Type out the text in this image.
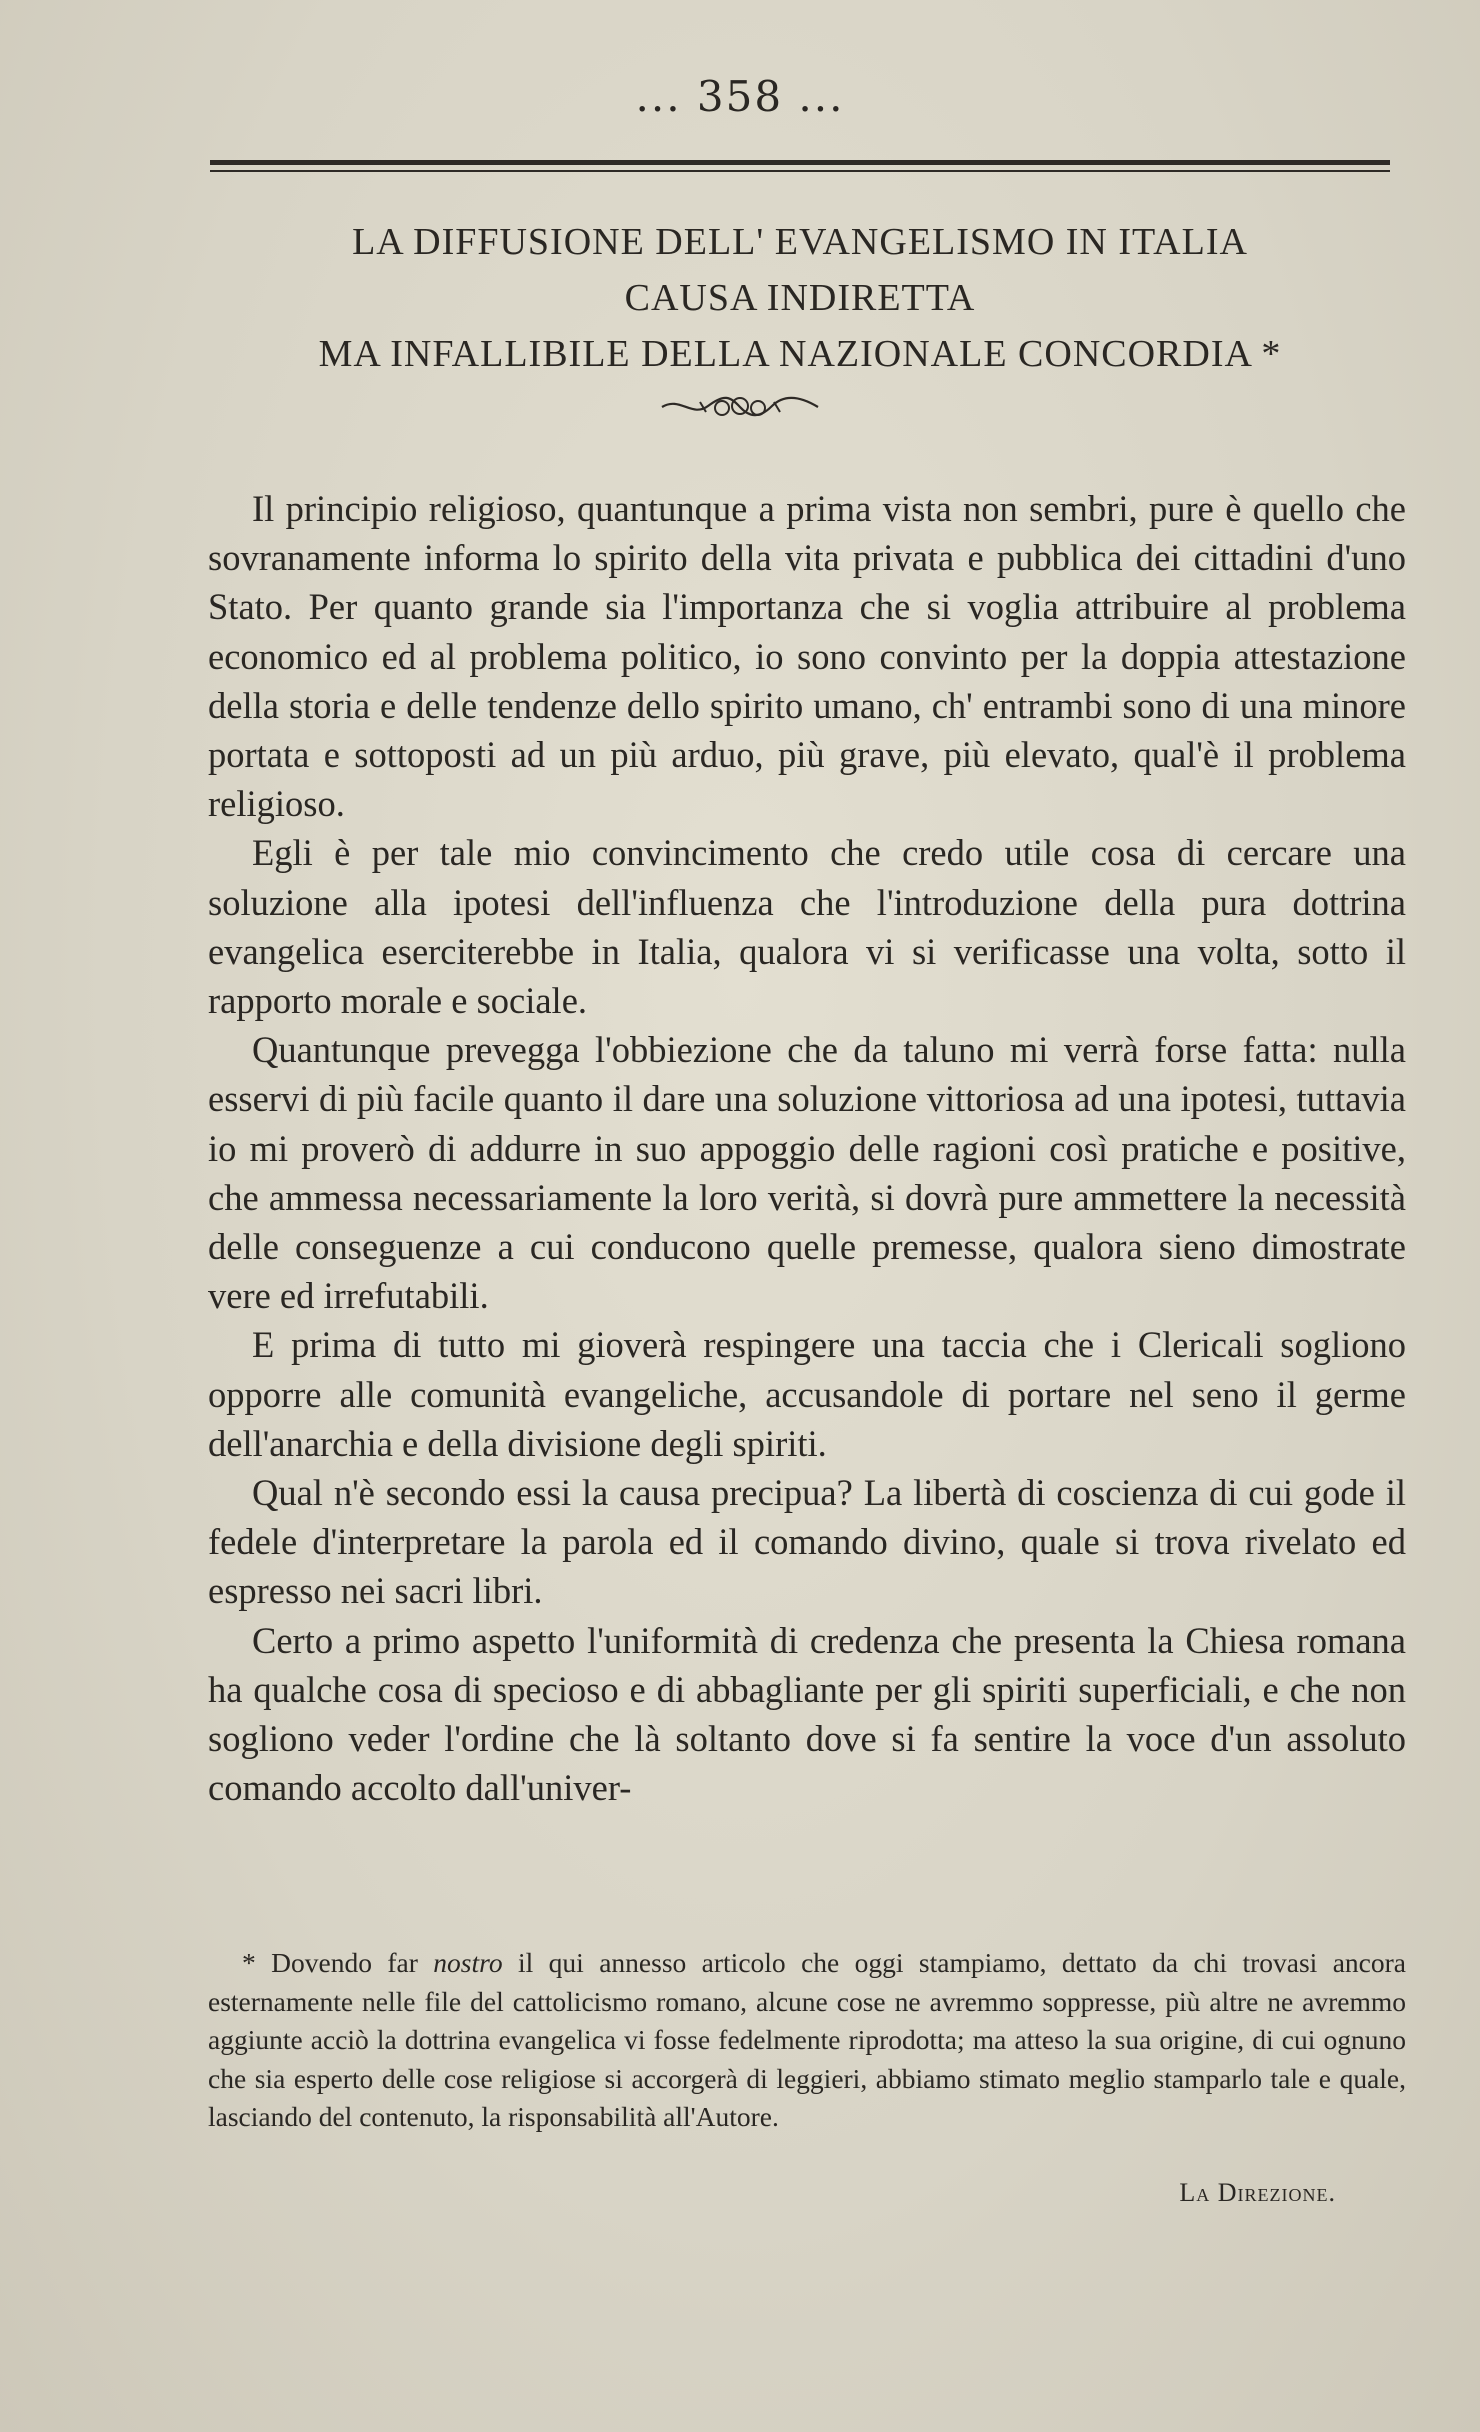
... 358 ...
LA DIFFUSIONE DELL' EVANGELISMO IN ITALIA
CAUSA INDIRETTA
MA INFALLIBILE DELLA NAZIONALE CONCORDIA *

Il principio religioso, quantunque a prima vista non sembri, pure è quello che sovranamente informa lo spirito della vita privata e pubblica dei cittadini d'uno Stato. Per quanto grande sia l'importanza che si voglia attribuire al problema economico ed al problema politico, io sono convinto per la doppia attestazione della storia e delle tendenze dello spirito umano, ch' entrambi sono di una minore portata e sottoposti ad un più arduo, più grave, più elevato, qual'è il problema religioso.

Egli è per tale mio convincimento che credo utile cosa di cercare una soluzione alla ipotesi dell'influenza che l'introduzione della pura dottrina evangelica eserciterebbe in Italia, qualora vi si verificasse una volta, sotto il rapporto morale e sociale.

Quantunque prevegga l'obbiezione che da taluno mi verrà forse fatta: nulla esservi di più facile quanto il dare una soluzione vittoriosa ad una ipotesi, tuttavia io mi proverò di addurre in suo appoggio delle ragioni così pratiche e positive, che ammessa necessariamente la loro verità, si dovrà pure ammettere la necessità delle conseguenze a cui conducono quelle premesse, qualora sieno dimostrate vere ed irrefutabili.

E prima di tutto mi gioverà respingere una taccia che i Clericali sogliono opporre alle comunità evangeliche, accusandole di portare nel seno il germe dell'anarchia e della divisione degli spiriti.

Qual n'è secondo essi la causa precipua? La libertà di coscienza di cui gode il fedele d'interpretare la parola ed il comando divino, quale si trova rivelato ed espresso nei sacri libri.

Certo a primo aspetto l'uniformità di credenza che presenta la Chiesa romana ha qualche cosa di specioso e di abbagliante per gli spiriti superficiali, e che non sogliono veder l'ordine che là soltanto dove si fa sentire la voce d'un assoluto comando accolto dall'univer-

* Dovendo far nostro il qui annesso articolo che oggi stampiamo, dettato da chi trovasi ancora esternamente nelle file del cattolicismo romano, alcune cose ne avremmo soppresse, più altre ne avremmo aggiunte acciò la dottrina evangelica vi fosse fedelmente riprodotta; ma atteso la sua origine, di cui ognuno che sia esperto delle cose religiose si accorgerà di leggieri, abbiamo stimato meglio stamparlo tale e quale, lasciando del contenuto, la risponsabilità all'Autore.

La Direzione.
